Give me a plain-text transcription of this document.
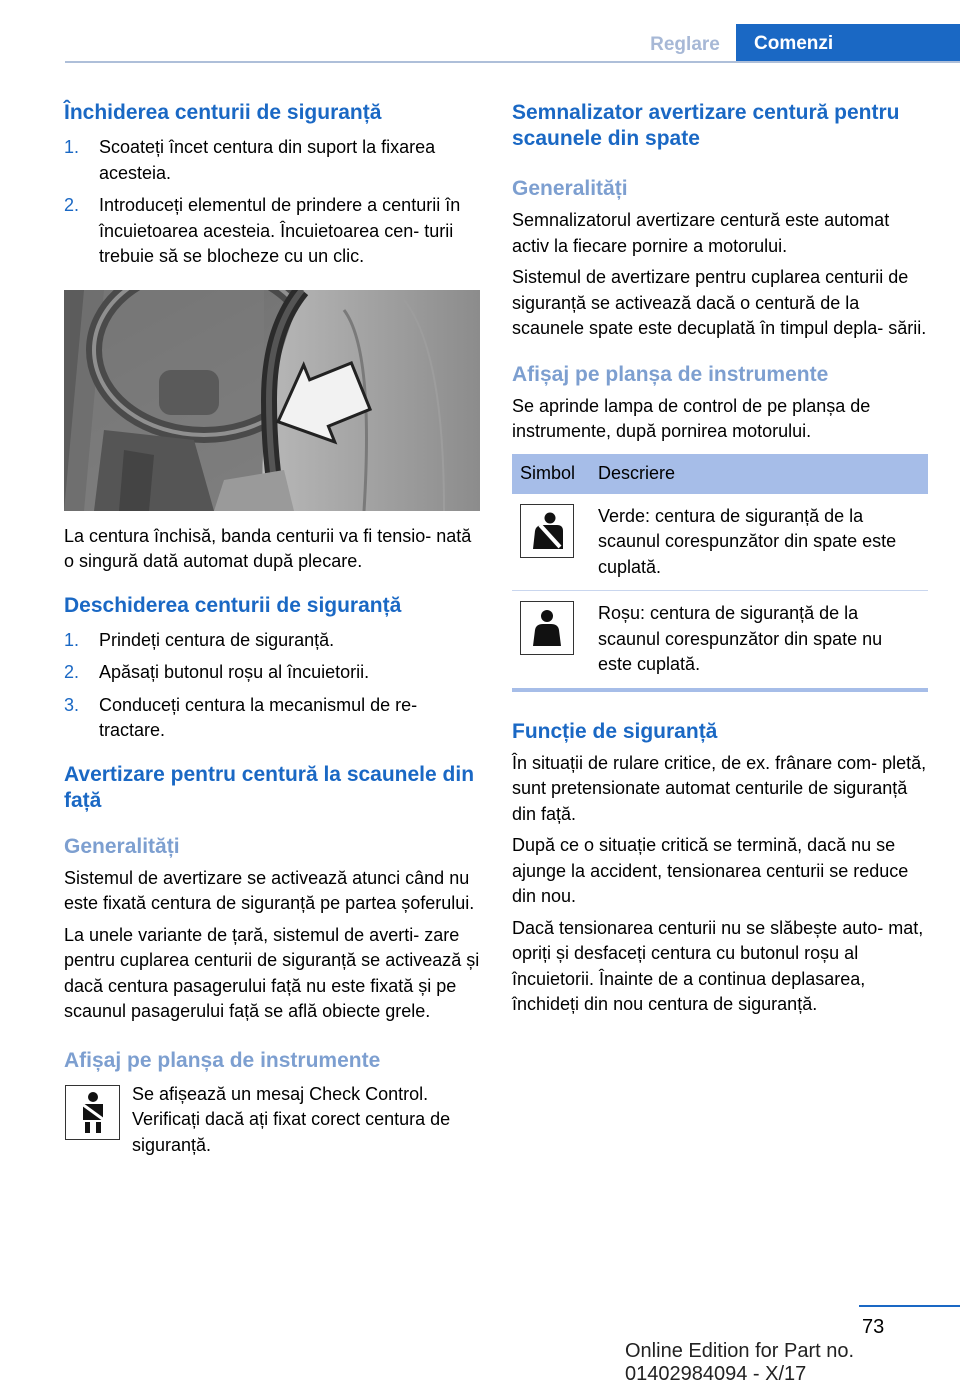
Reglare	Comenzi
Închiderea centurii de siguranță
1. Scoateți încet centura din suport la fixarea acesteia.
2. Introduceți elementul de prindere a centurii în încuietoarea acesteia. Încuietoarea cen- turii trebuie să se blocheze cu un clic.

La centura închisă, banda centurii va fi tensio- nată o singură dată automat după plecare.

Deschiderea centurii de siguranță
1. Prindeți centura de siguranță.
2. Apăsați butonul roșu al încuietorii.
3. Conduceți centura la mecanismul de re- tractare.
Avertizare pentru centură la scaunele din față
Generalități

Sistemul de avertizare se activează atunci când nu este fixată centura de siguranță pe partea șoferului.

La unele variante de țară, sistemul de averti- zare pentru cuplarea centurii de siguranță se activează și dacă centura pasagerului față nu este fixată și pe scaunul pasagerului față se află obiecte grele.

Afișaj pe planșa de instrumente

Se afișează un mesaj Check Control. Verificați dacă ați fixat corect centura de siguranță.

Semnalizator avertizare centură pentru scaunele din spate
Generalități

Semnalizatorul avertizare centură este automat activ la fiecare pornire a motorului.

Sistemul de avertizare pentru cuplarea centurii de siguranță se activează dacă o centură de la scaunele spate este decuplată în timpul depla- sării.

Afișaj pe planșa de instrumente

Se aprinde lampa de control de pe planșa de instrumente, după pornirea motorului.

Simbol	Descriere

	Verde: centura de siguranță de la scaunul corespunzător din spate este cuplată.

	Roșu: centura de siguranță de la scaunul corespunzător din spate nu este cuplată.
Funcție de siguranță

În situații de rulare critice, de ex. frânare com- pletă, sunt pretensionate automat centurile de siguranță din față.

După ce o situație critică se termină, dacă nu se ajunge la accident, tensionarea centurii se reduce din nou.

Dacă tensionarea centurii nu se slăbește auto- mat, opriți și desfaceți centura cu butonul roșu al încuietorii. Înainte de a continua deplasarea, închideți din nou centura de siguranță.

73
Online Edition for Part no. 01402984094 - X/17
